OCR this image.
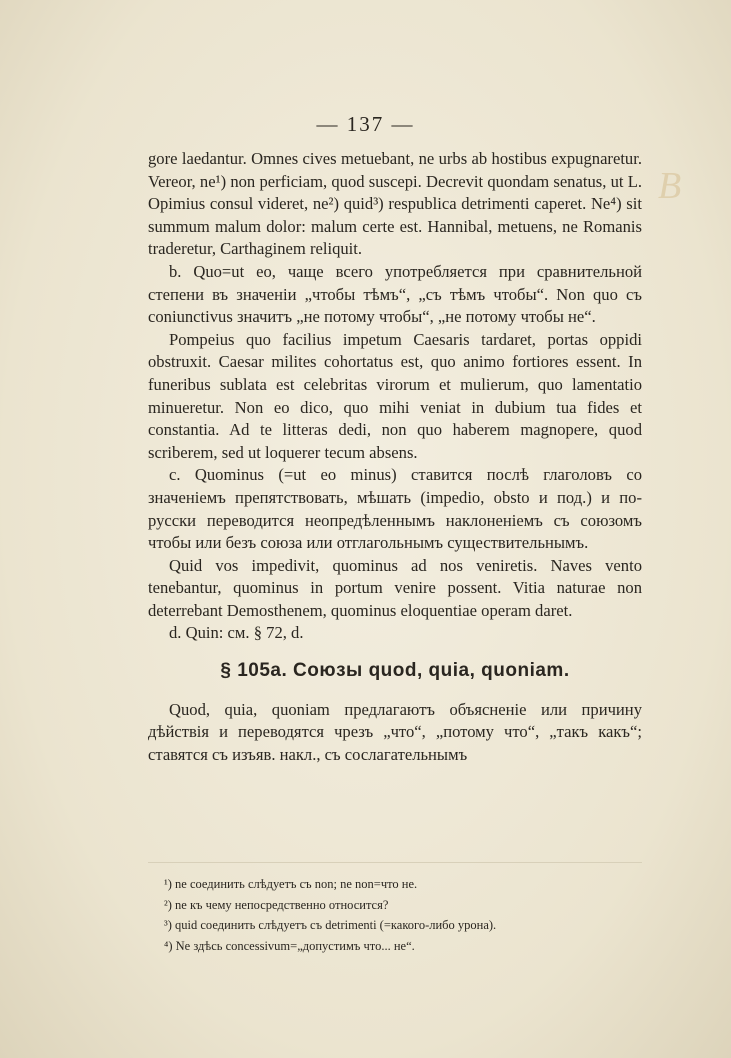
— 137 —
В

gore laedantur. Omnes cives metuebant, ne urbs ab hostibus expugnaretur. Vereor, ne¹) non perficiam, quod suscepi. Decrevit quondam senatus, ut L. Opimius consul videret, ne²) quid³) respublica detrimenti caperet. Ne⁴) sit summum malum dolor: malum certe est. Hannibal, metuens, ne Romanis traderetur, Carthaginem reliquit.

b. Quo=ut eo, чаще всего употребляется при сравнительной степени въ значеніи „чтобы тѣмъ“, „съ тѣмъ чтобы“. Non quo съ coniunctivus значитъ „не потому чтобы“, „не потому чтобы не“.

Pompeius quo facilius impetum Caesaris tardaret, portas oppidi obstruxit. Caesar milites cohortatus est, quo animo fortiores essent. In funeribus sublata est celebritas virorum et mulierum, quo lamentatio minueretur. Non eo dico, quo mihi veniat in dubium tua fides et constantia. Ad te litteras dedi, non quo haberem magnopere, quod scriberem, sed ut loquerer tecum absens.

c. Quominus (=ut eo minus) ставится послѣ глаголовъ со значеніемъ препятствовать, мѣшать (impedio, obsto и под.) и по-русски переводится неопредѣленнымъ наклоненіемъ съ союзомъ чтобы или безъ союза или отглагольнымъ существительнымъ.

Quid vos impedivit, quominus ad nos veniretis. Naves vento tenebantur, quominus in portum venire possent. Vitia naturae non deterrebant Demosthenem, quominus eloquentiae operam daret.

d. Quin: см. § 72, d.

§ 105a. Союзы quod, quia, quoniam.

Quod, quia, quoniam предлагаютъ объясненіе или причину дѣйствія и переводятся чрезъ „что“, „потому что“, „такъ какъ“; ставятся съ изъяв. накл., съ сослагательнымъ

¹) ne соединить слѣдуетъ съ non; ne non=что не.

²) ne къ чему непосредственно относится?

³) quid соединить слѣдуетъ съ detrimenti (=какого-либо урона).

⁴) Ne здѣсь concessivum=„допустимъ что... не“.
